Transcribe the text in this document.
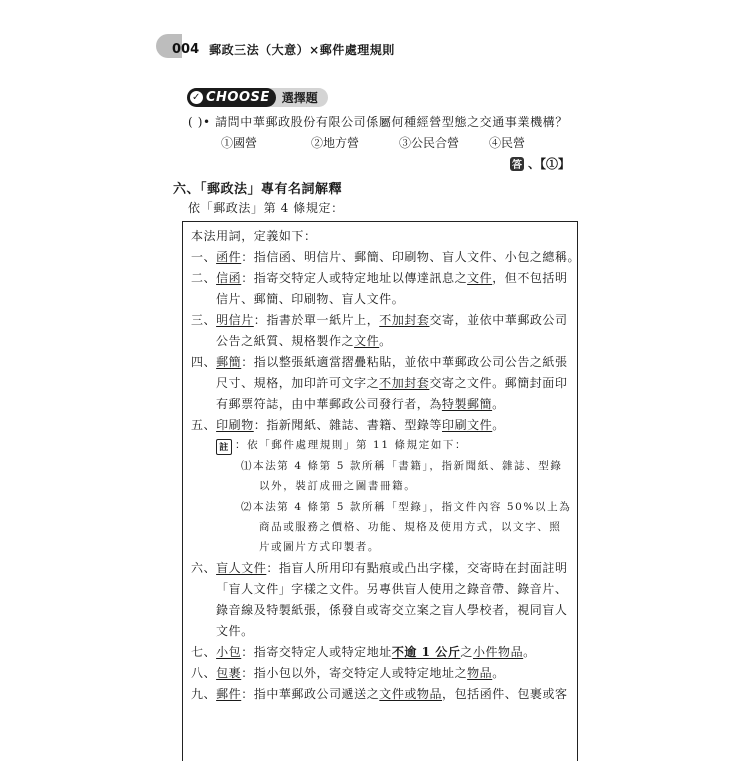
004 郵政三法（大意）×郵件處理規則
✓ CHOOSE 選擇題
( )• 請問中華郵政股份有限公司係屬何種經營型態之交通事業機構？
①國營	②地方營	③公民合營	④民營
答 、【①】
六、「郵政法」專有名詞解釋
依「郵政法」第 4 條規定：
本法用詞，定義如下：
一、函件：指信函、明信片、郵簡、印刷物、盲人文件、小包之總稱。
二、信函：指寄交特定人或特定地址以傳達訊息之文件，但不包括明
信片、郵簡、印刷物、盲人文件。
三、明信片：指書於單一紙片上，不加封套交寄，並依中華郵政公司
公告之紙質、規格製作之文件。
四、郵簡：指以整張紙適當摺疊粘貼，並依中華郵政公司公告之紙張
尺寸、規格，加印許可文字之不加封套交寄之文件。郵簡封面印
有郵票符誌，由中華郵政公司發行者，為特製郵簡。
五、印刷物：指新聞紙、雜誌、書籍、型錄等印刷文件。
註 ：依「郵件處理規則」第 11 條規定如下：
⑴本法第 4 條第 5 款所稱「書籍」，指新聞紙、雜誌、型錄
以外，裝訂成冊之圖書冊籍。
⑵本法第 4 條第 5 款所稱「型錄」，指文件內容 50%以上為
商品或服務之價格、功能、規格及使用方式，以文字、照
片或圖片方式印製者。
六、盲人文件：指盲人所用印有點痕或凸出字樣，交寄時在封面註明
「盲人文件」字樣之文件。另專供盲人使用之錄音帶、錄音片、
錄音線及特製紙張，係發自或寄交立案之盲人學校者，視同盲人
文件。
七、小包：指寄交特定人或特定地址不逾 1 公斤之小件物品。
八、包裹：指小包以外，寄交特定人或特定地址之物品。
九、郵件：指中華郵政公司遞送之文件或物品，包括函件、包裹或客
